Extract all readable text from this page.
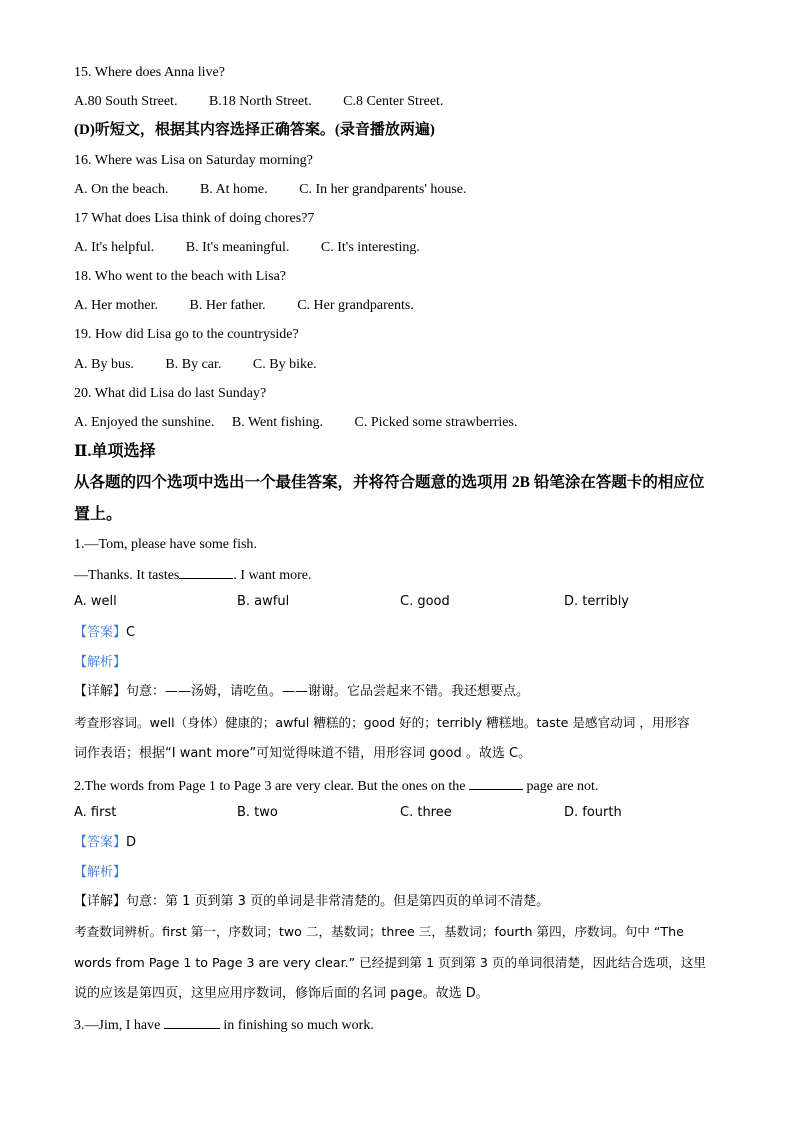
15. Where does Anna live?
A.80 South Street. B.18 North Street. C.8 Center Street.
(D)听短文，根据其内容选择正确答案。(录音播放两遍)
16. Where was Lisa on Saturday morning?
A. On the beach. B. At home. C. In her grandparents' house.
17 What does Lisa think of doing chores?7
A. It's helpful. B. It's meaningful. C. It's interesting.
18. Who went to the beach with Lisa?
A. Her mother. B. Her father. C. Her grandparents.
19. How did Lisa go to the countryside?
A. By bus. B. By car. C. By bike.
20. What did Lisa do last Sunday?
A. Enjoyed the sunshine. B. Went fishing. C. Picked some strawberries.
Ⅱ.单项选择
从各题的四个选项中选出一个最佳答案，并将符合题意的选项用 2B 铅笔涂在答题卡的相应位
置上。
1.—Tom, please have some fish.
—Thanks. It tastes	. I want more.
A. well	B. awful	C. good	D. terribly
【答案】C
【解析】
【详解】句意：——汤姆，请吃鱼。——谢谢。它品尝起来不错。我还想要点。
考查形容词。well（身体）健康的；awful 糟糕的；good 好的；terribly 糟糕地。taste 是感官动词 ，用形容
词作表语；根据“I want more”可知觉得味道不错，用形容词 good 。故选 C。
2.The words from Page 1 to Page 3 are very clear. But the ones on the	page are not.
A. first	B. two	C. three	D. fourth
【答案】D
【解析】
【详解】句意：第 1 页到第 3 页的单词是非常清楚的。但是第四页的单词不清楚。
考查数词辨析。first 第一，序数词；two 二，基数词；three 三，基数词；fourth 第四，序数词。句中 “The
words from Page 1 to Page 3 are very clear.” 已经提到第 1 页到第 3 页的单词很清楚，因此结合选项，这里
说的应该是第四页，这里应用序数词，修饰后面的名词 page。故选 D。
3.—Jim, I have	in finishing so much work.
